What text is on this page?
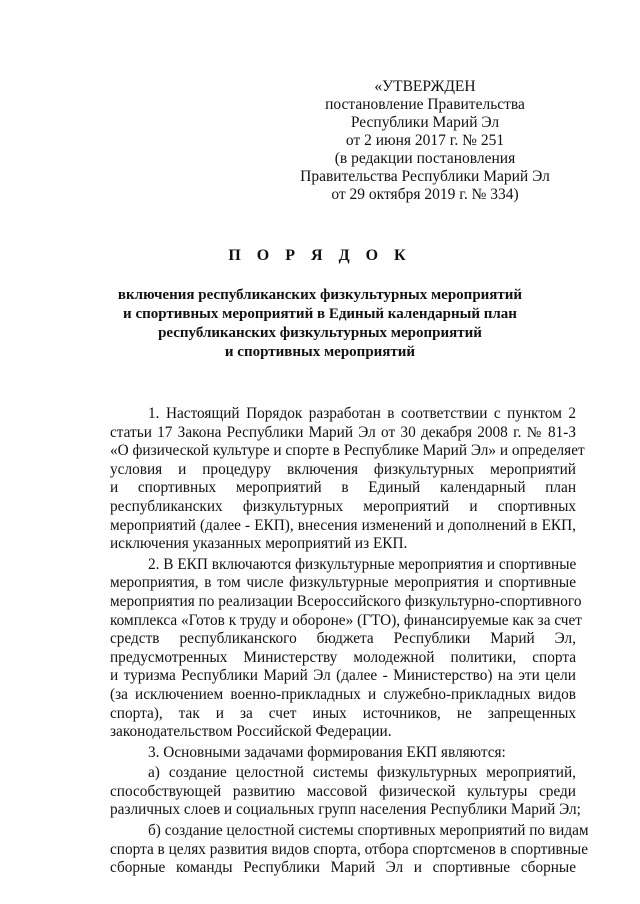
«УТВЕРЖДЕН
постановление Правительства
Республики Марий Эл
от 2 июня 2017 г. № 251
(в редакции постановления
Правительства Республики Марий Эл
от 29 октября 2019 г. № 334)
П О Р Я Д О К
включения республиканских физкультурных мероприятий
и спортивных мероприятий в Единый календарный план
республиканских физкультурных мероприятий
и спортивных мероприятий
1. Настоящий Порядок разработан в соответствии с пунктом 2
статьи 17 Закона Республики Марий Эл от 30 декабря 2008 г. № 81-З
«О физической культуре и спорте в Республике Марий Эл» и определяет
условия и процедуру включения физкультурных мероприятий
и спортивных мероприятий в Единый календарный план
республиканских физкультурных мероприятий и спортивных
мероприятий (далее - ЕКП), внесения изменений и дополнений в ЕКП,
исключения указанных мероприятий из ЕКП.
2. В ЕКП включаются физкультурные мероприятия и спортивные
мероприятия, в том числе физкультурные мероприятия и спортивные
мероприятия по реализации Всероссийского физкультурно-спортивного
комплекса «Готов к труду и обороне» (ГТО), финансируемые как за счет
средств республиканского бюджета Республики Марий Эл,
предусмотренных Министерству молодежной политики, спорта
и туризма Республики Марий Эл (далее - Министерство) на эти цели
(за исключением военно-прикладных и служебно-прикладных видов
спорта), так и за счет иных источников, не запрещенных
законодательством Российской Федерации.
3. Основными задачами формирования ЕКП являются:
а) создание целостной системы физкультурных мероприятий,
способствующей развитию массовой физической культуры среди
различных слоев и социальных групп населения Республики Марий Эл;
б) создание целостной системы спортивных мероприятий по видам
спорта в целях развития видов спорта, отбора спортсменов в спортивные
сборные команды Республики Марий Эл и спортивные сборные
